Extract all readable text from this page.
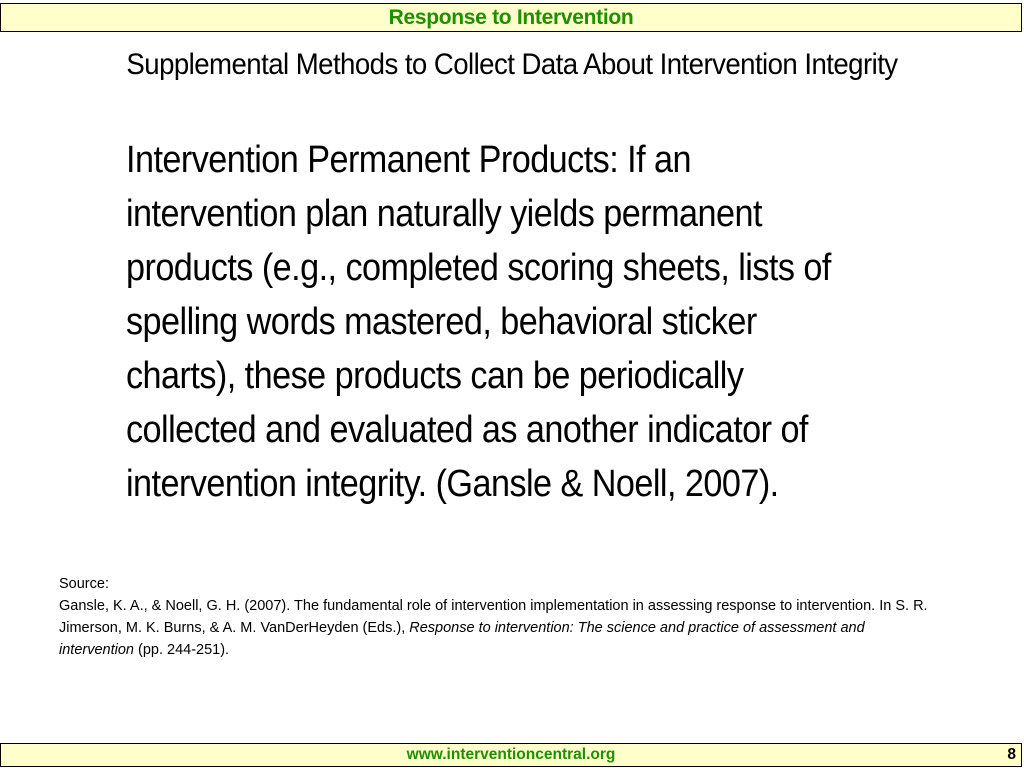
Response to Intervention
Supplemental Methods to Collect Data About Intervention Integrity
Intervention Permanent Products: If an intervention plan naturally yields permanent products (e.g., completed scoring sheets, lists of spelling words mastered, behavioral sticker charts), these products can be periodically collected and evaluated as another indicator of intervention integrity. (Gansle & Noell, 2007).
Source:
Gansle, K. A., & Noell, G. H. (2007). The fundamental role of intervention implementation in assessing response to intervention. In S. R. Jimerson, M. K. Burns, & A. M. VanDerHeyden (Eds.), Response to intervention: The science and practice of assessment and intervention (pp. 244-251).
www.interventioncentral.org	8
